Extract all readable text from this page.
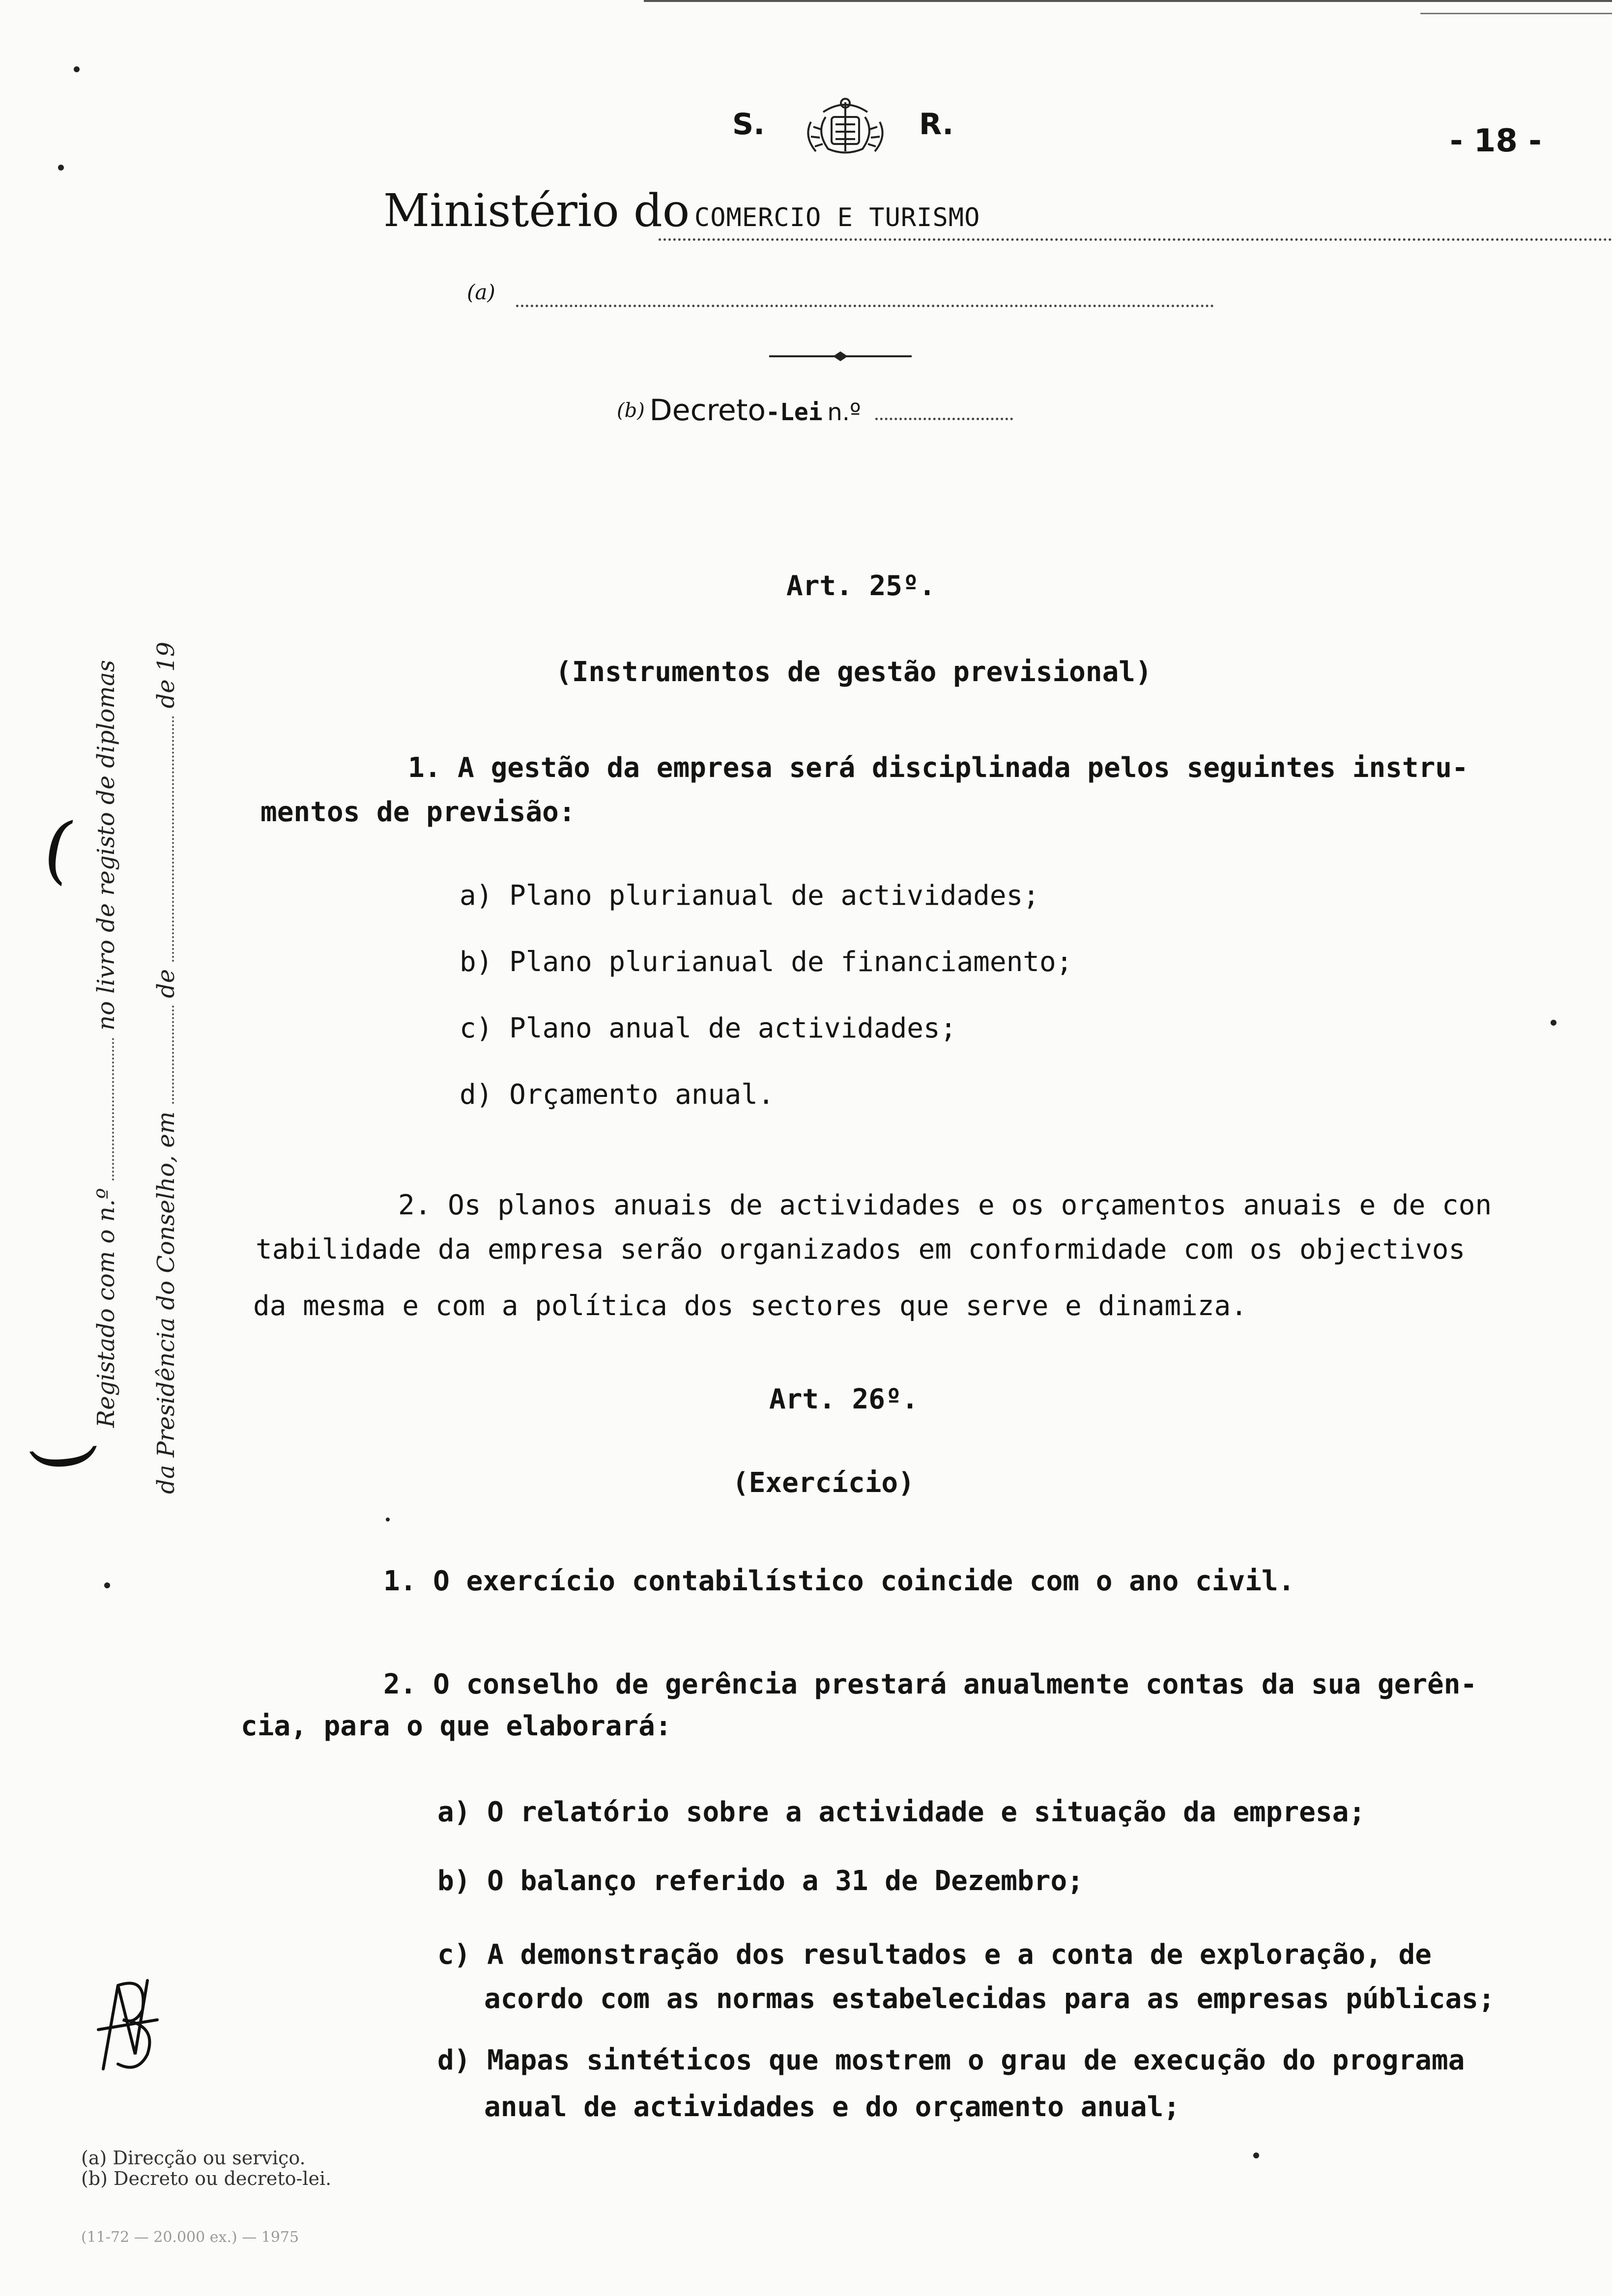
S.	R.	- 18 -
Ministério do COMERCIO E TURISMO
(a)
(b) Decreto-Lei n.º
Registado com o n.º  no livro de registo de diplomas
da Presidência do Conselho, em  de  de 19
(
(
Art. 25º.
(Instrumentos de gestão previsional)
1. A gestão da empresa será disciplinada pelos seguintes instru-
mentos de previsão:
a) Plano plurianual de actividades;
b) Plano plurianual de financiamento;
c) Plano anual de actividades;
d) Orçamento anual.
2. Os planos anuais de actividades e os orçamentos anuais e de con
tabilidade da empresa serão organizados em conformidade com os objectivos
da mesma e com a política dos sectores que serve e dinamiza.
Art. 26º.
(Exercício)
1. O exercício contabilístico coincide com o ano civil.
2. O conselho de gerência prestará anualmente contas da sua gerên-
cia, para o que elaborará:
a) O relatório sobre a actividade e situação da empresa;
b) O balanço referido a 31 de Dezembro;
c) A demonstração dos resultados e a conta de exploração, de
acordo com as normas estabelecidas para as empresas públicas;
d) Mapas sintéticos que mostrem o grau de execução do programa
anual de actividades e do orçamento anual;
(a) Direcção ou serviço.
(b) Decreto ou decreto-lei.
(11-72 — 20.000 ex.) — 1975
